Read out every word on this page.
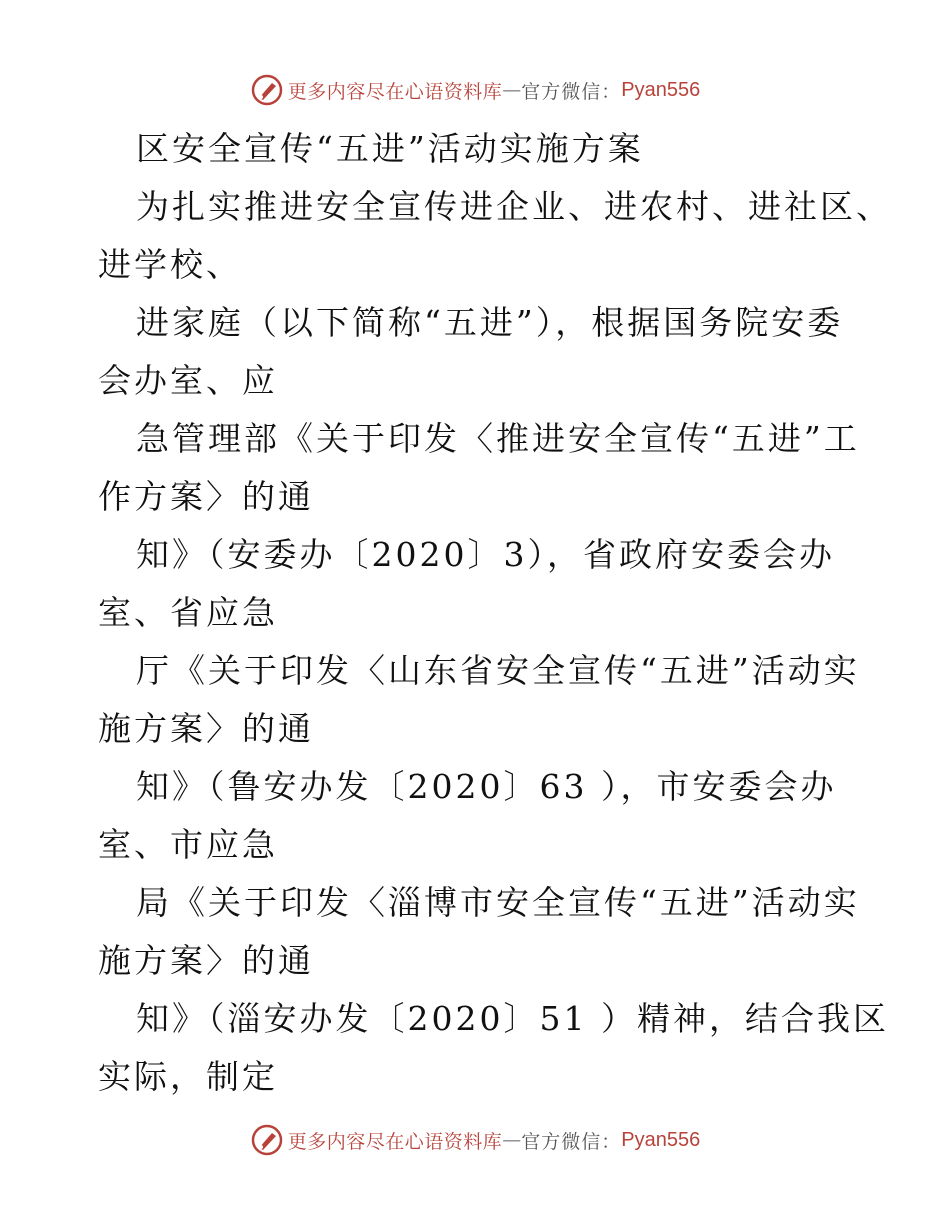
更多内容尽在心语资料库 — 官方微信： Pyan556

区安全宣传“五进”活动实施方案

为扎实推进安全宣传进企业、进农村、进社区、

进学校、

进家庭（以下简称“五进”），根据国务院安委

会办室、应

急管理部《关于印发〈推进安全宣传“五进”工

作方案〉的通

知》（安委办〔2020〕3），省政府安委会办

室、省应急

厅《关于印发〈山东省安全宣传“五进”活动实

施方案〉的通

知》（鲁安办发〔2020〕63 ），市安委会办

室、市应急

局《关于印发〈淄博市安全宣传“五进”活动实

施方案〉的通

知》（淄安办发〔2020〕51 ）精神，结合我区

实际，制定

更多内容尽在心语资料库 — 官方微信： Pyan556
